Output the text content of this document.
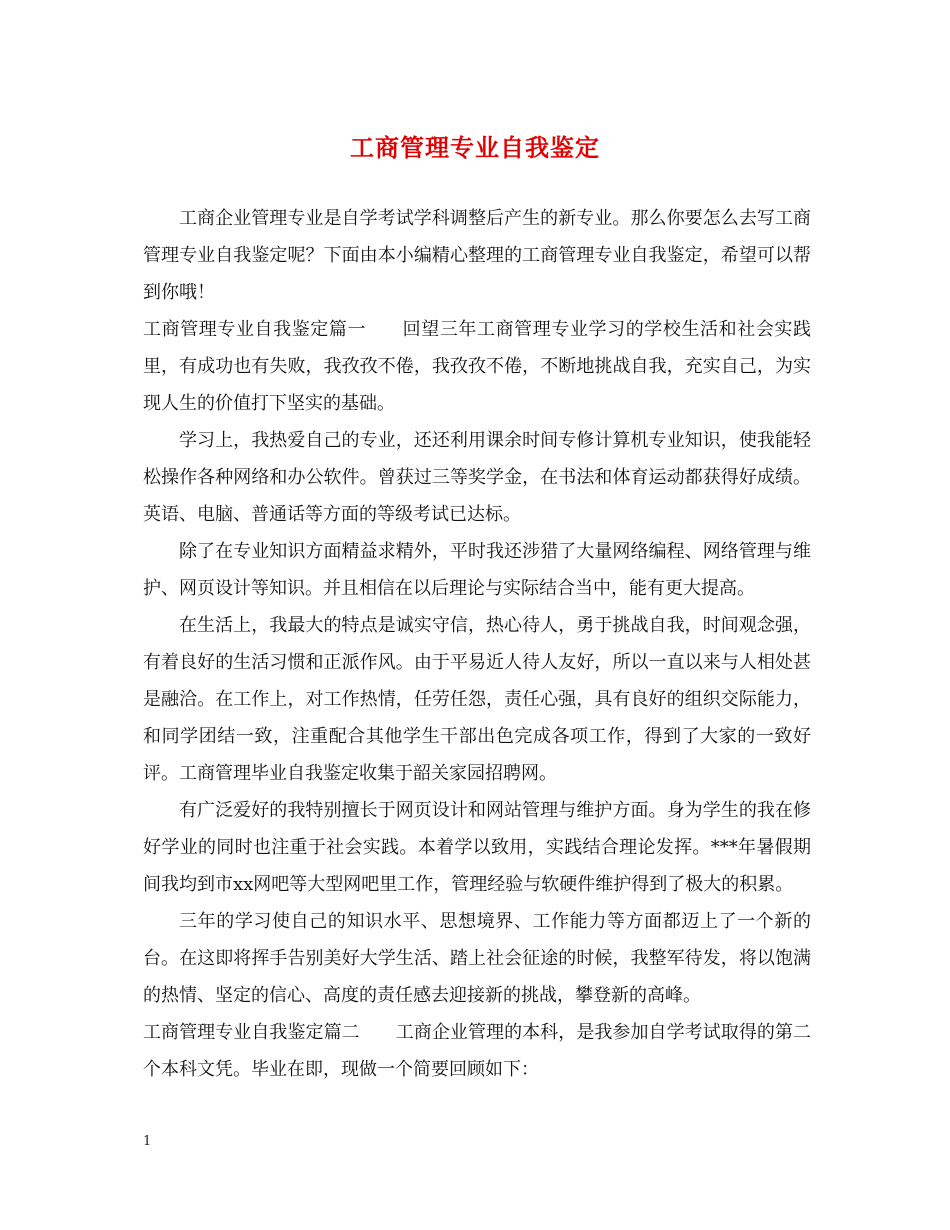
工商管理专业自我鉴定

工商企业管理专业是自学考试学科调整后产生的新专业。那么你要怎么去写工商管理专业自我鉴定呢？下面由本小编精心整理的工商管理专业自我鉴定，希望可以帮到你哦！

工商管理专业自我鉴定篇一 回望三年工商管理专业学习的学校生活和社会实践里，有成功也有失败，我孜孜不倦，我孜孜不倦，不断地挑战自我，充实自己，为实现人生的价值打下坚实的基础。

学习上，我热爱自己的专业，还还利用课余时间专修计算机专业知识，使我能轻松操作各种网络和办公软件。曾获过三等奖学金，在书法和体育运动都获得好成绩。英语、电脑、普通话等方面的等级考试已达标。

除了在专业知识方面精益求精外，平时我还涉猎了大量网络编程、网络管理与维护、网页设计等知识。并且相信在以后理论与实际结合当中，能有更大提高。

在生活上，我最大的特点是诚实守信，热心待人，勇于挑战自我，时间观念强，有着良好的生活习惯和正派作风。由于平易近人待人友好，所以一直以来与人相处甚是融洽。在工作上，对工作热情，任劳任怨，责任心强，具有良好的组织交际能力，和同学团结一致，注重配合其他学生干部出色完成各项工作，得到了大家的一致好评。工商管理毕业自我鉴定收集于韶关家园招聘网。

有广泛爱好的我特别擅长于网页设计和网站管理与维护方面。身为学生的我在修好学业的同时也注重于社会实践。本着学以致用，实践结合理论发挥。***年暑假期间我均到市xx网吧等大型网吧里工作，管理经验与软硬件维护得到了极大的积累。

三年的学习使自己的知识水平、思想境界、工作能力等方面都迈上了一个新的台。在这即将挥手告别美好大学生活、踏上社会征途的时候，我整军待发，将以饱满的热情、坚定的信心、高度的责任感去迎接新的挑战，攀登新的高峰。

工商管理专业自我鉴定篇二 工商企业管理的本科，是我参加自学考试取得的第二个本科文凭。毕业在即，现做一个简要回顾如下：

1
